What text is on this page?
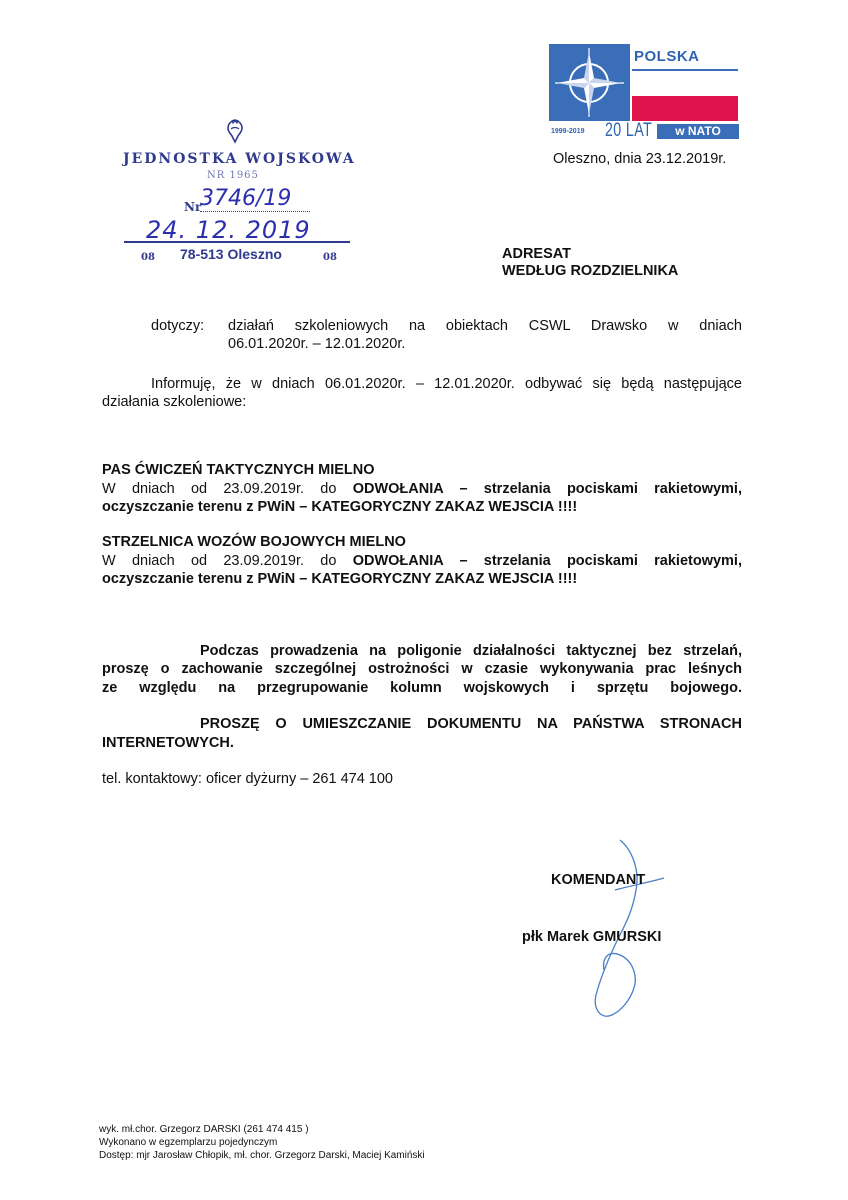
POLSKA
1999-2019 20 LAT	w NATO
JEDNOSTKA WOJSKOWA
NR 1965
Nr
3746/19
24. 12. 2019
08 78-513 Oleszno	08
Oleszno, dnia 23.12.2019r.
ADRESAT
WEDŁUG ROZDZIELNIKA
dotyczy: działań szkoleniowych na obiektach CSWL Drawsko w dniach
06.01.2020r. – 12.01.2020r.
Informuję, że w dniach 06.01.2020r. – 12.01.2020r. odbywać się będą następujące
działania szkoleniowe:
PAS ĆWICZEŃ TAKTYCZNYCH MIELNO
W dniach od 23.09.2019r. do ODWOŁANIA – strzelania pociskami rakietowymi,
oczyszczanie terenu z PWiN – KATEGORYCZNY ZAKAZ WEJSCIA !!!!
STRZELNICA WOZÓW BOJOWYCH MIELNO
W dniach od 23.09.2019r. do ODWOŁANIA – strzelania pociskami rakietowymi,
oczyszczanie terenu z PWiN – KATEGORYCZNY ZAKAZ WEJSCIA !!!!
Podczas prowadzenia na poligonie działalności taktycznej bez strzelań,
proszę o zachowanie szczególnej ostrożności w czasie wykonywania prac leśnych
ze względu na przegrupowanie kolumn wojskowych i sprzętu bojowego.
PROSZĘ O UMIESZCZANIE DOKUMENTU NA PAŃSTWA STRONACH
INTERNETOWYCH.
tel. kontaktowy: oficer dyżurny – 261 474 100
KOMENDANT
płk Marek GMURSKI
wyk. mł.chor. Grzegorz DARSKI (261 474 415 )
Wykonano w egzemplarzu pojedynczym
Dostęp: mjr Jarosław Chłopik, mł. chor. Grzegorz Darski, Maciej Kamiński
